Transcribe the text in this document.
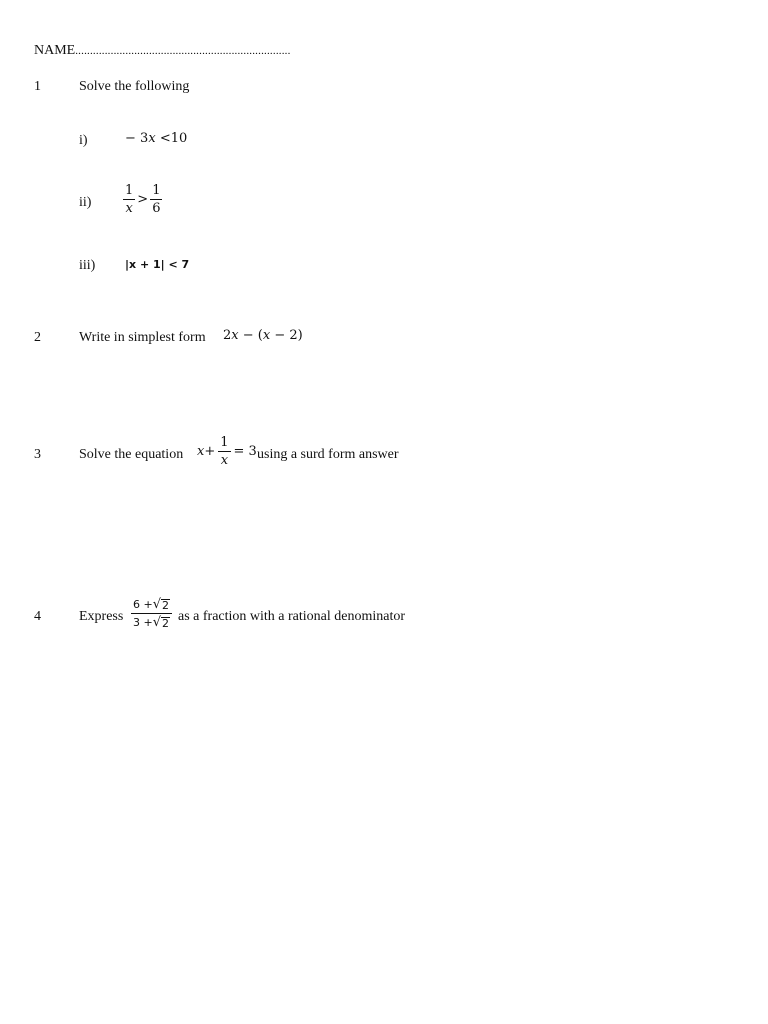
NAME.........................................................................
1	Solve the following
i)	− 3x <10
$ii) \frac{1}{x} > \frac{1}{6}$
iii)	|x + 1| < 7
2	Write in simplest form 2x − (x − 2)
3	Solve the equation $x + \frac{1}{x} = 3$ using a surd form answer
4	Express $\frac{6 + √ 2}{3 + √ 2}$ as a fraction with a rational denominator
